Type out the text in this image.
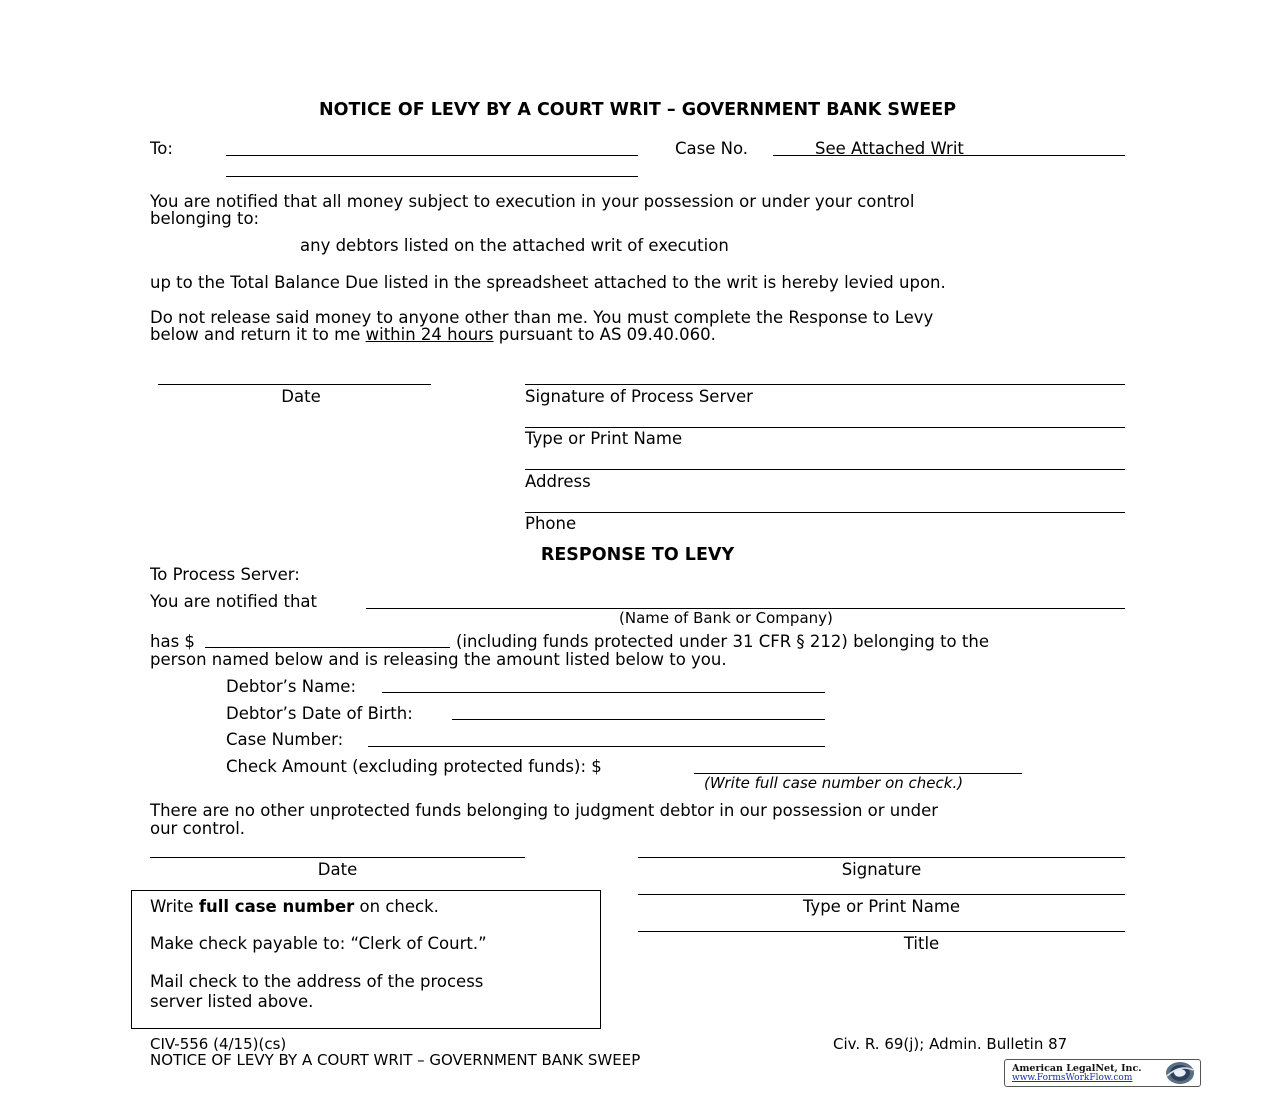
NOTICE OF LEVY BY A COURT WRIT – GOVERNMENT BANK SWEEP
To:	Case No.	See Attached Writ
You are notified that all money subject to execution in your possession or under your control
belonging to:
any debtors listed on the attached writ of execution
up to the Total Balance Due listed in the spreadsheet attached to the writ is hereby levied upon.
Do not release said money to anyone other than me. You must complete the Response to Levy
below and return it to me within 24 hours pursuant to AS 09.40.060.
Date	Signature of Process Server
Type or Print Name
Address
Phone
RESPONSE TO LEVY
To Process Server:
You are notified that
(Name of Bank or Company)
has $	(including funds protected under 31 CFR § 212) belonging to the
person named below and is releasing the amount listed below to you.
Debtor’s Name:
Debtor’s Date of Birth:
Case Number:
Check Amount (excluding protected funds): $
(Write full case number on check.)
There are no other unprotected funds belonging to judgment debtor in our possession or under
our control.
Date	Signature
Type or Print Name
Title
Write full case number on check.
Make check payable to: “Clerk of Court.”
Mail check to the address of the process
server listed above.
CIV-556 (4/15)(cs)
NOTICE OF LEVY BY A COURT WRIT – GOVERNMENT BANK SWEEP
Civ. R. 69(j); Admin. Bulletin 87
American LegalNet, Inc.
www.FormsWorkFlow.com
